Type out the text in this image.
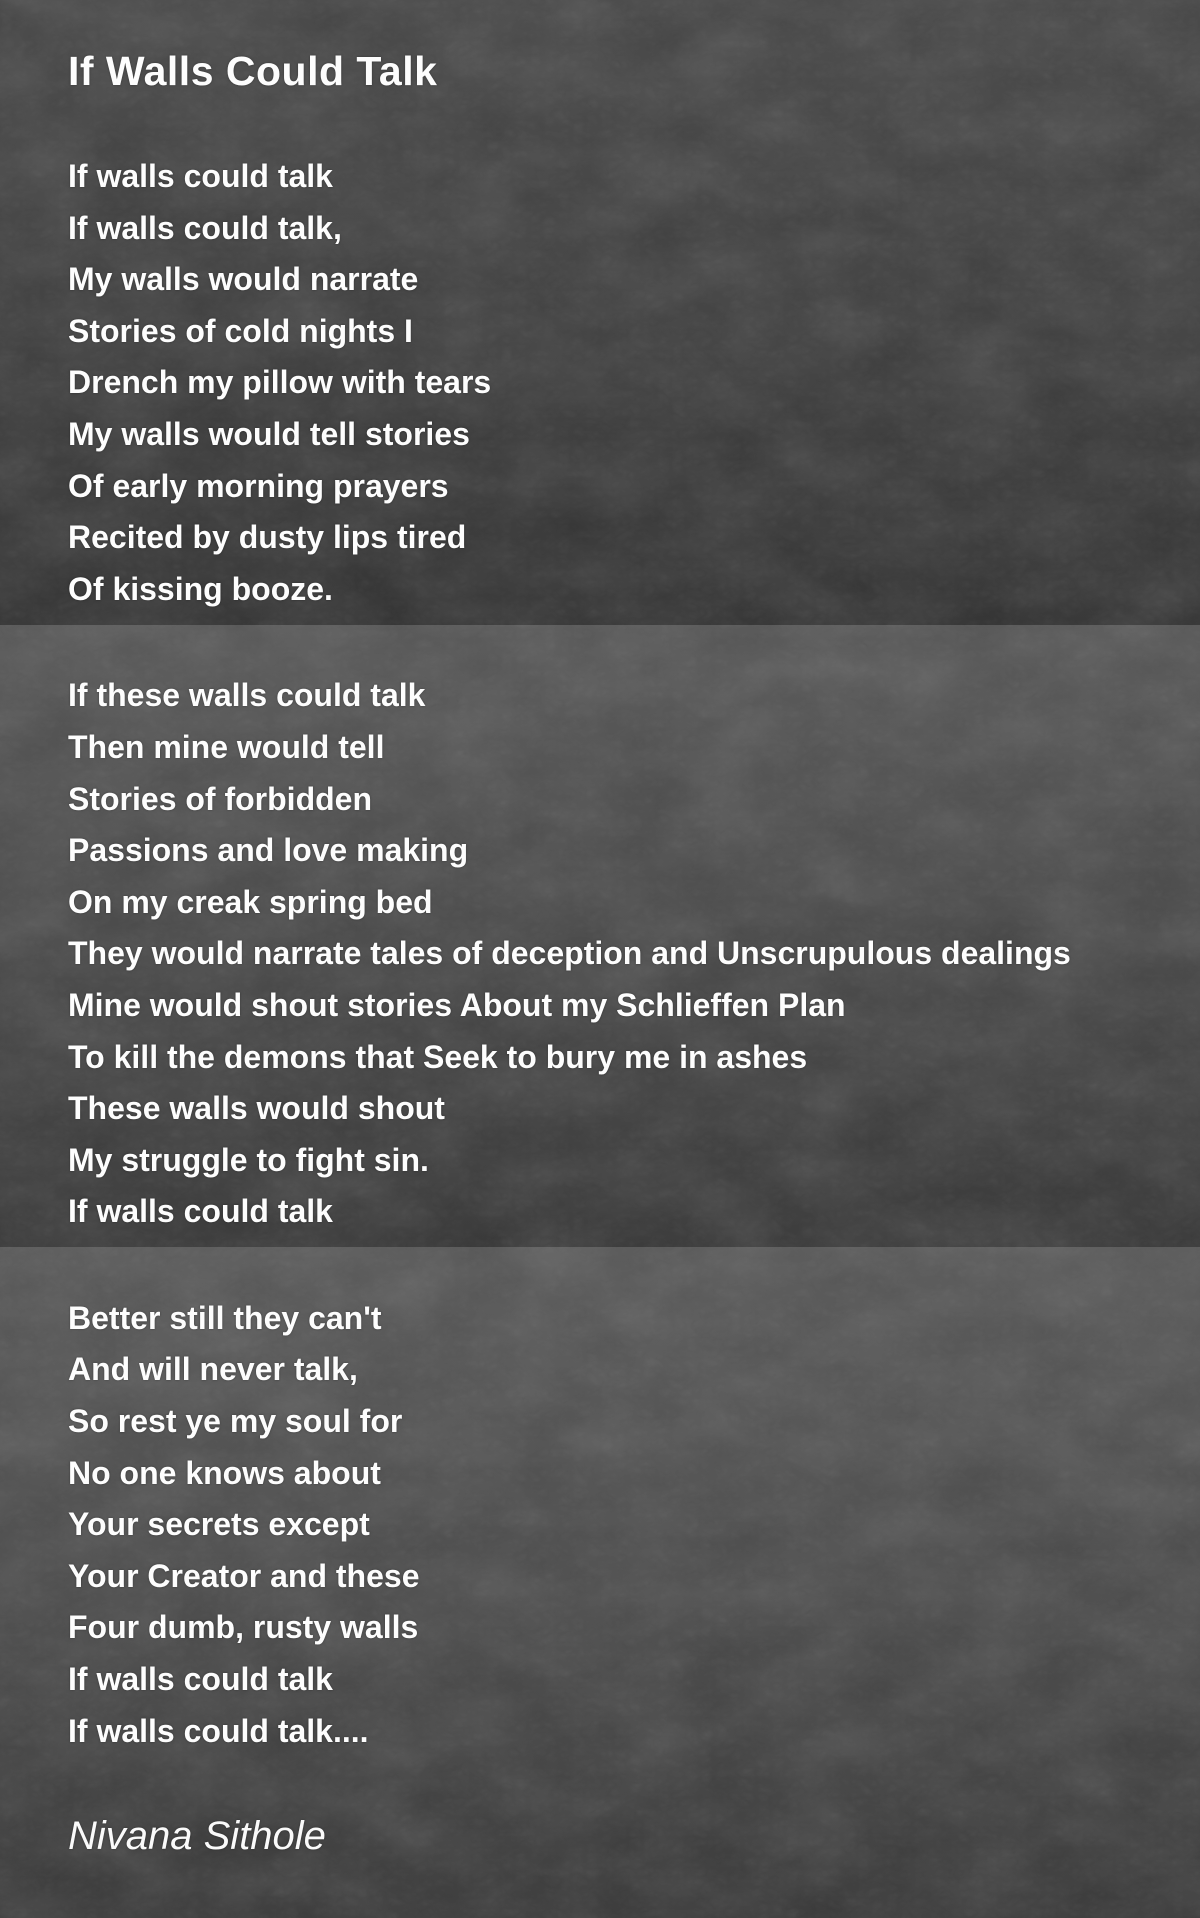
If Walls Could Talk
If walls could talk
If walls could talk,
My walls would narrate
Stories of cold nights I
Drench my pillow with tears
My walls would tell stories
Of early morning prayers
Recited by dusty lips tired
Of kissing booze.
If these walls could talk
Then mine would tell
Stories of forbidden
Passions and love making
On my creak spring bed
They would narrate tales of deception and Unscrupulous dealings
Mine would shout stories About my Schlieffen Plan
To kill the demons that Seek to bury me in ashes
These walls would shout
My struggle to fight sin.
If walls could talk
Better still they can't
And will never talk,
So rest ye my soul for
No one knows about
Your secrets except
Your Creator and these
Four dumb, rusty walls
If walls could talk
If walls could talk....
Nivana Sithole
